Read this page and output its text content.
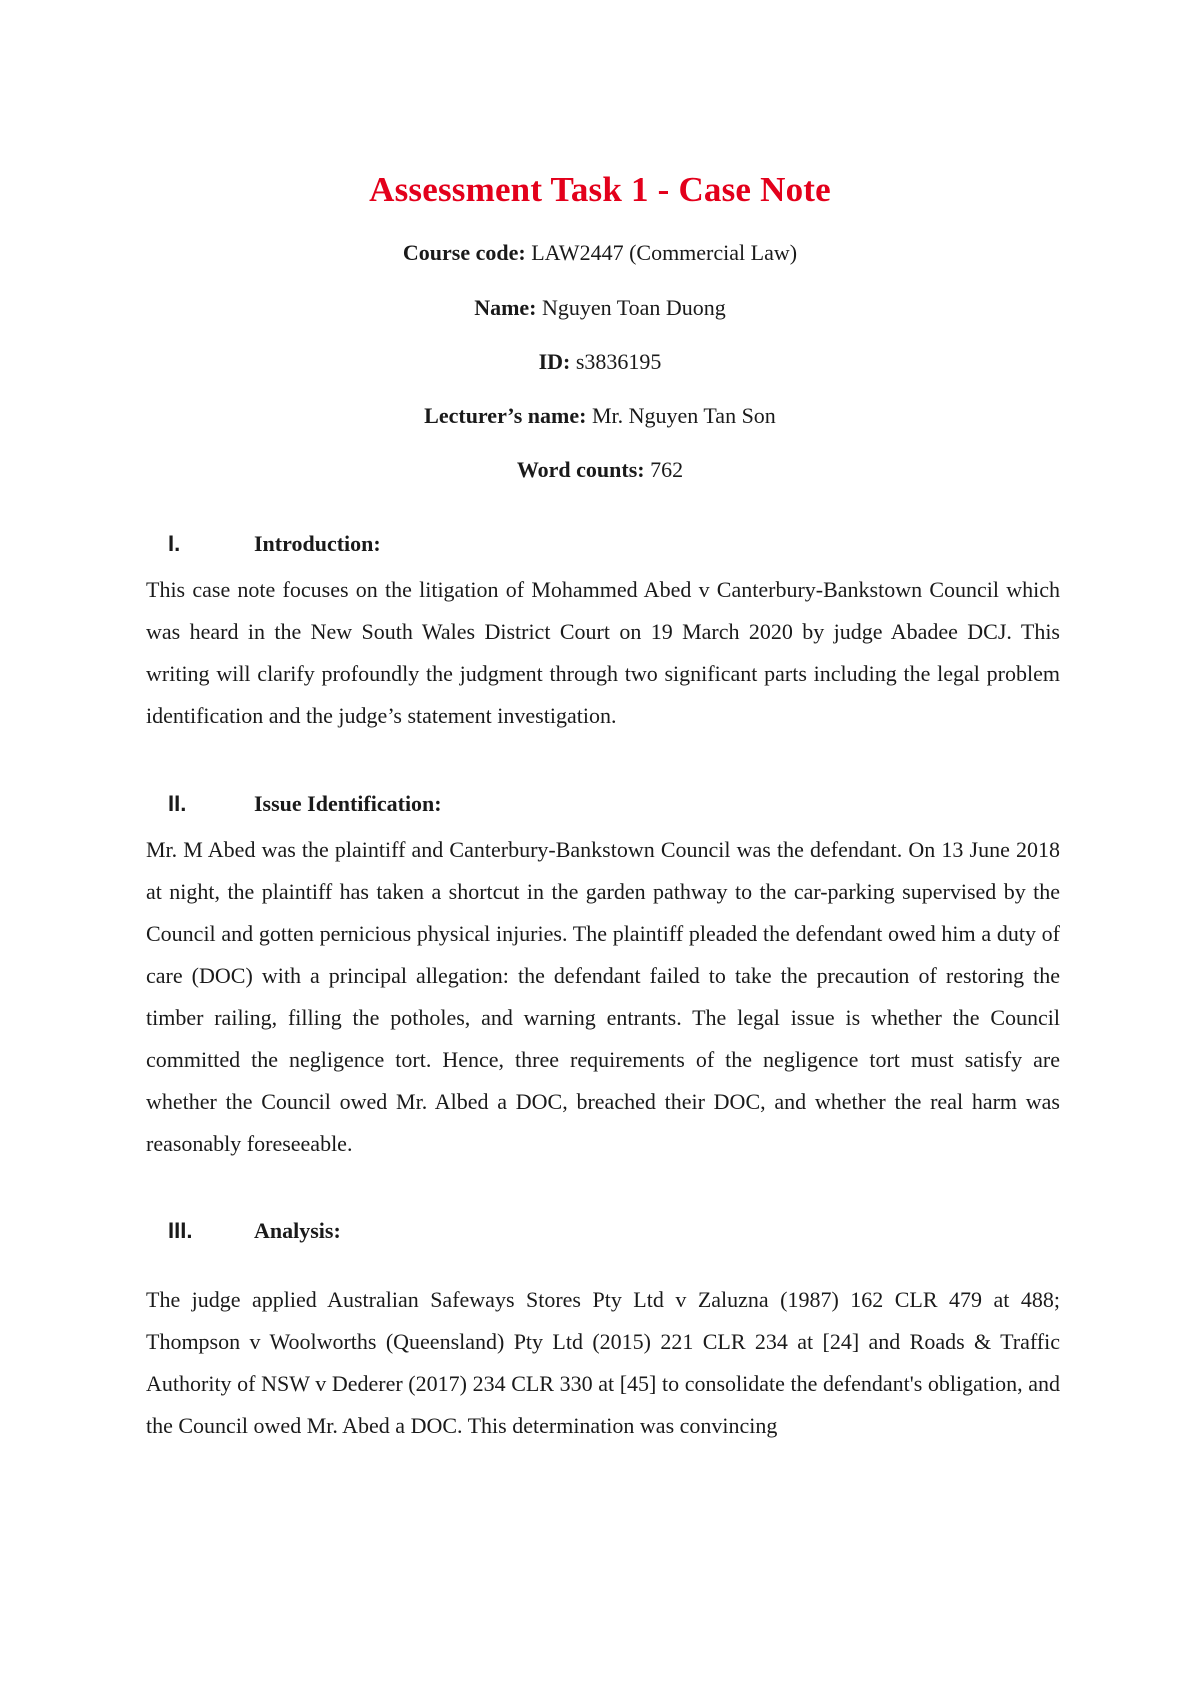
Assessment Task 1 - Case Note
Course code: LAW2447 (Commercial Law)
Name: Nguyen Toan Duong
ID: s3836195
Lecturer’s name: Mr. Nguyen Tan Son
Word counts: 762
I.	Introduction:

This case note focuses on the litigation of Mohammed Abed v Canterbury-Bankstown Council which was heard in the New South Wales District Court on 19 March 2020 by judge Abadee DCJ. This writing will clarify profoundly the judgment through two significant parts including the legal problem identification and the judge’s statement investigation.

II.	Issue Identification:

Mr. M Abed was the plaintiff and Canterbury-Bankstown Council was the defendant. On 13 June 2018 at night, the plaintiff has taken a shortcut in the garden pathway to the car-parking supervised by the Council and gotten pernicious physical injuries. The plaintiff pleaded the defendant owed him a duty of care (DOC) with a principal allegation: the defendant failed to take the precaution of restoring the timber railing, filling the potholes, and warning entrants. The legal issue is whether the Council committed the negligence tort. Hence, three requirements of the negligence tort must satisfy are whether the Council owed Mr. Albed a DOC, breached their DOC, and whether the real harm was reasonably foreseeable.

III.	Analysis:

The judge applied Australian Safeways Stores Pty Ltd v Zaluzna (1987) 162 CLR 479 at 488; Thompson v Woolworths (Queensland) Pty Ltd (2015) 221 CLR 234 at [24] and Roads & Traffic Authority of NSW v Dederer (2017) 234 CLR 330 at [45] to consolidate the defendant's obligation, and the Council owed Mr. Abed a DOC. This determination was convincing
